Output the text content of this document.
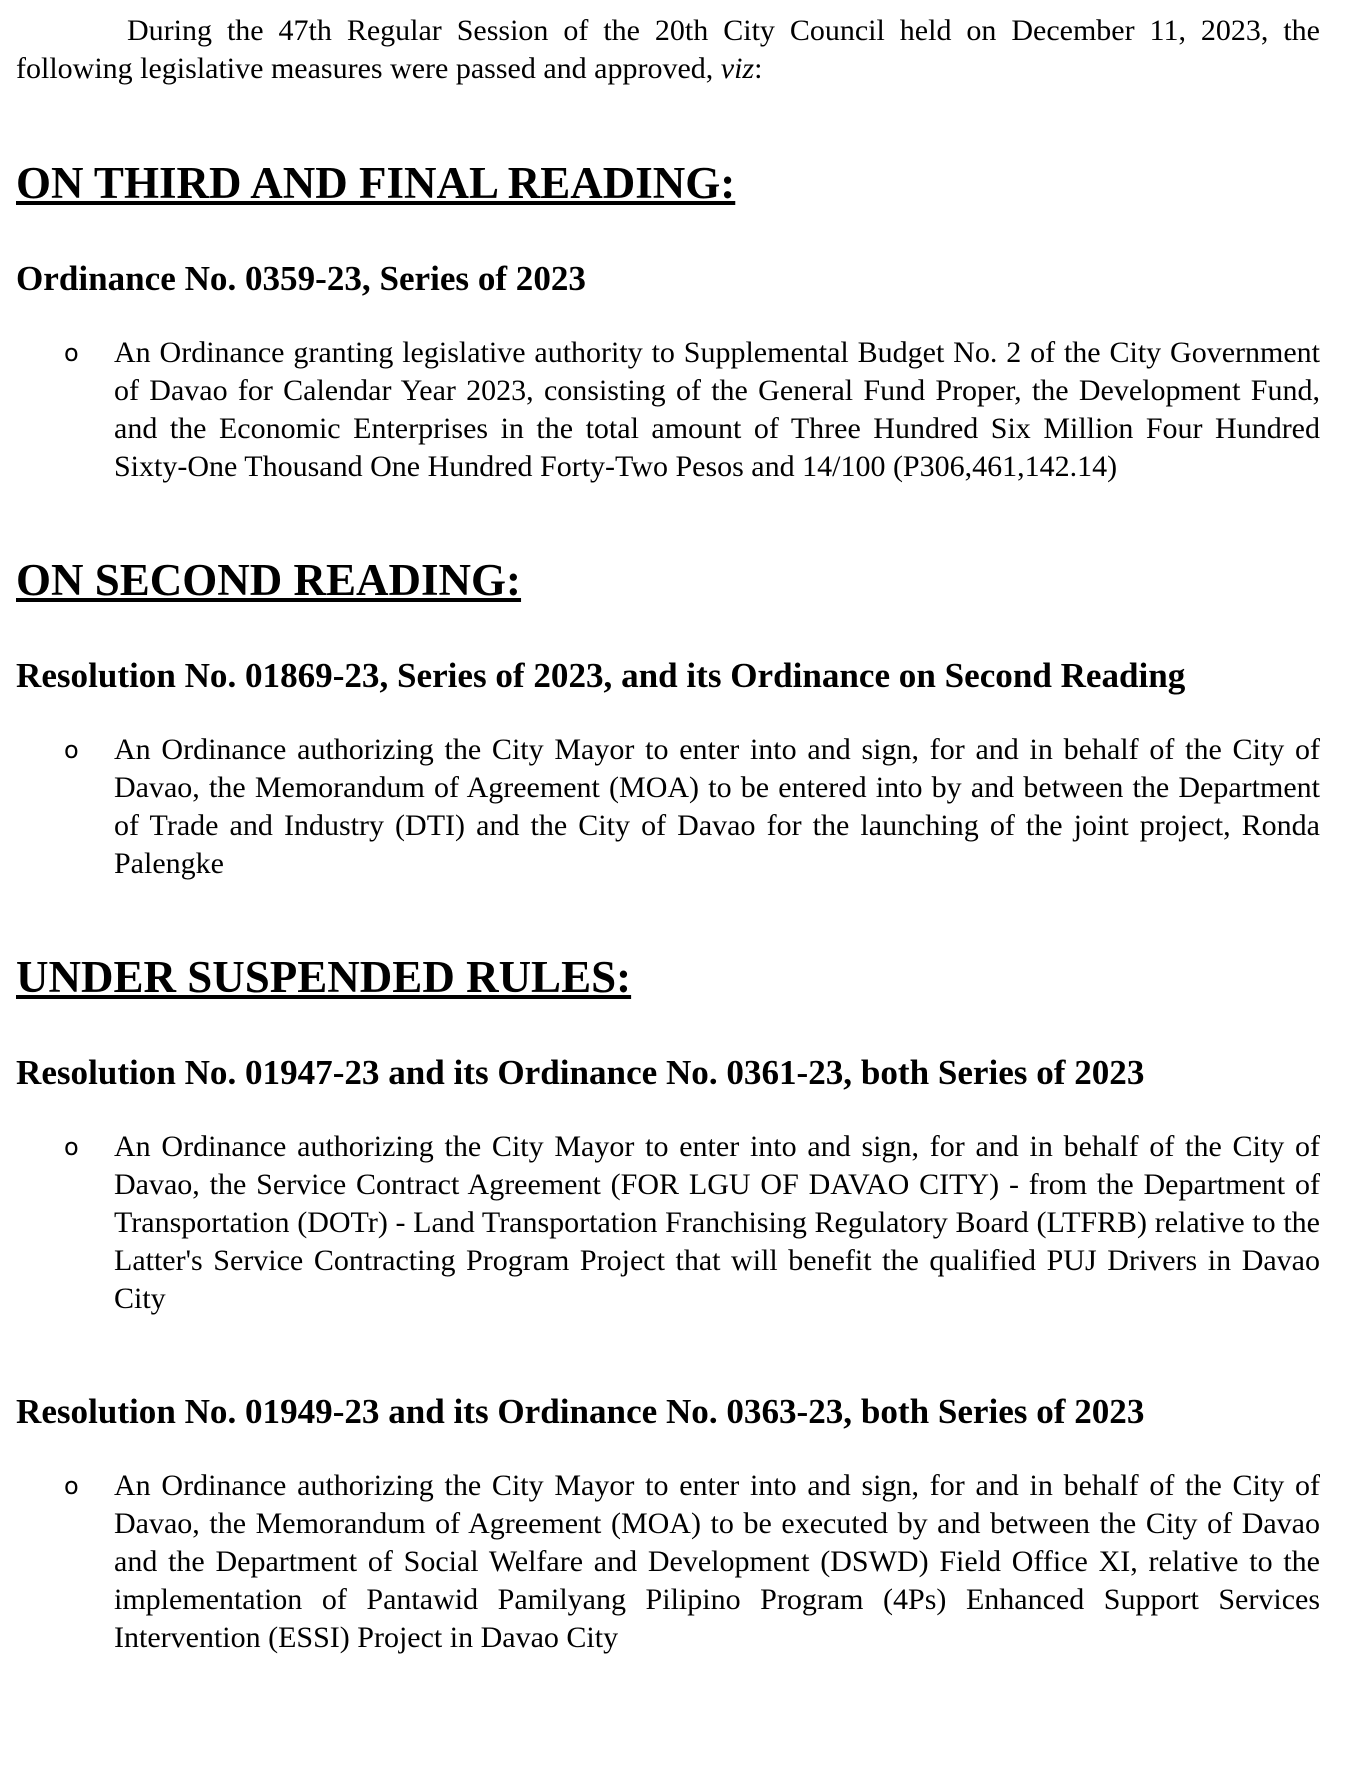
During the 47th Regular Session of the 20th City Council held on December 11, 2023, the following legislative measures were passed and approved, viz:

ON THIRD AND FINAL READING:
Ordinance No. 0359-23, Series of 2023
o	An Ordinance granting legislative authority to Supplemental Budget No. 2 of the City Government of Davao for Calendar Year 2023, consisting of the General Fund Proper, the Development Fund, and the Economic Enterprises in the total amount of Three Hundred Six Million Four Hundred Sixty-One Thousand One Hundred Forty-Two Pesos and 14/100 (P306,461,142.14)
ON SECOND READING:
Resolution No. 01869-23, Series of 2023, and its Ordinance on Second Reading
o	An Ordinance authorizing the City Mayor to enter into and sign, for and in behalf of the City of Davao, the Memorandum of Agreement (MOA) to be entered into by and between the Department of Trade and Industry (DTI) and the City of Davao for the launching of the joint project, Ronda Palengke
UNDER SUSPENDED RULES:
Resolution No. 01947-23 and its Ordinance No. 0361-23, both Series of 2023
o	An Ordinance authorizing the City Mayor to enter into and sign, for and in behalf of the City of Davao, the Service Contract Agreement (FOR LGU OF DAVAO CITY) - from the Department of Transportation (DOTr) - Land Transportation Franchising Regulatory Board (LTFRB) relative to the Latter's Service Contracting Program Project that will benefit the qualified PUJ Drivers in Davao City
Resolution No. 01949-23 and its Ordinance No. 0363-23, both Series of 2023
o	An Ordinance authorizing the City Mayor to enter into and sign, for and in behalf of the City of Davao, the Memorandum of Agreement (MOA) to be executed by and between the City of Davao and the Department of Social Welfare and Development (DSWD) Field Office XI, relative to the implementation of Pantawid Pamilyang Pilipino Program (4Ps) Enhanced Support Services Intervention (ESSI) Project in Davao City
